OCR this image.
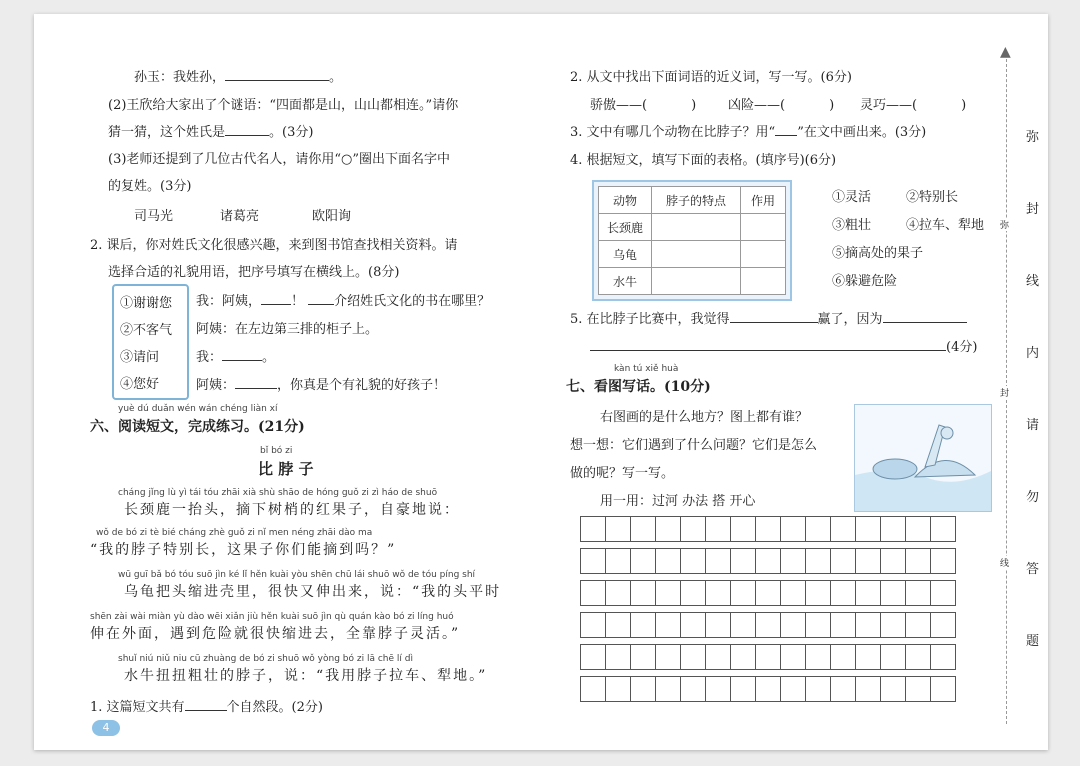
孙玉：我姓孙，	。
(2)王欣给大家出了个谜语：“四面都是山，山山都相连。”请你
猜一猜，这个姓氏是	。(3分)
(3)老师还提到了几位古代名人，请你用“○”圈出下面名字中
的复姓。(3分)
司马光	诸葛亮	欧阳询
2. 课后，你对姓氏文化很感兴趣，来到图书馆查找相关资料。请
选择合适的礼貌用语，把序号填写在横线上。(8分)
①谢谢您
②不客气
③请问
④您好
我：阿姨， ！ 介绍姓氏文化的书在哪里？
阿姨：在左边第三排的柜子上。
我：	。
阿姨：	，你真是个有礼貌的好孩子！
yuè dú duǎn wén wán chéng liàn xí
六、阅读短文，完成练习。(21分)
bǐ bó zi
比 脖 子
cháng jǐng lù yì tái tóu zhāi xià shù shāo de hóng guǒ zi zì háo de shuō
长颈鹿一抬头，摘下树梢的红果子，自豪地说：
wǒ de bó zi tè bié cháng zhè guǒ zi nǐ men néng zhāi dào ma
“我的脖子特别长，这果子你们能摘到吗？”
wū guī bǎ bó tóu suō jìn ké lǐ hěn kuài yòu shēn chū lái shuō wǒ de tóu píng shí
乌龟把头缩进壳里，很快又伸出来，说：“我的头平时
shēn zài wài miàn yù dào wēi xiǎn jiù hěn kuài suō jìn qù quán kào bó zi líng huó
伸在外面，遇到危险就很快缩进去，全靠脖子灵活。”
shuǐ niú niǔ niu cū zhuàng de bó zi shuō wǒ yòng bó zi lā chē lí dì
水牛扭扭粗壮的脖子，说：“我用脖子拉车、犁地。”
1. 这篇短文共有	个自然段。(2分)
4
2. 从文中找出下面词语的近义词，写一写。(6分)
骄傲——(	) 凶险——(	) 灵巧——(	)
3. 文中有哪几个动物在比脖子？用“ ”在文中画出来。(3分)
4. 根据短文，填写下面的表格。(填序号)(6分)
动物	脖子的特点	作用
长颈鹿		
乌龟		
水牛		
①灵活	②特别长
③粗壮	④拉车、犁地
⑤摘高处的果子
⑥躲避危险
5. 在比脖子比赛中，我觉得	赢了，因为
(4分)
kàn tú xiě huà
七、看图写话。(10分)
右图画的是什么地方？图上都有谁？
想一想：它们遇到了什么问题？它们是怎么
做的呢？写一写。
用一用：过河 办法 搭 开心

▲
弥
封
线
弥
封
线
内
请
勿
答
题
